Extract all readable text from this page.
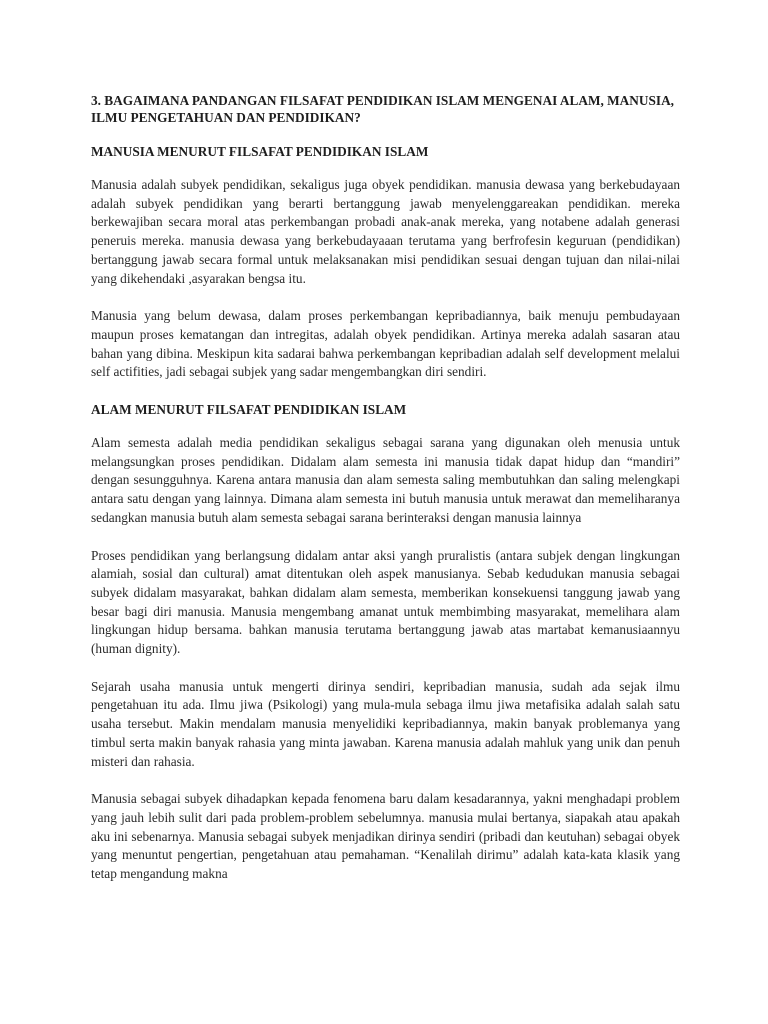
3. BAGAIMANA PANDANGAN FILSAFAT PENDIDIKAN ISLAM MENGENAI ALAM, MANUSIA, ILMU PENGETAHUAN DAN PENDIDIKAN?
MANUSIA MENURUT FILSAFAT PENDIDIKAN ISLAM

Manusia adalah subyek pendidikan, sekaligus juga obyek pendidikan. manusia dewasa yang berkebudayaan adalah subyek pendidikan yang berarti bertanggung jawab menyelenggareakan pendidikan. mereka berkewajiban secara moral atas perkembangan probadi anak-anak mereka, yang notabene adalah generasi peneruis mereka. manusia dewasa yang berkebudayaaan terutama yang berfrofesin keguruan (pendidikan) bertanggung jawab secara formal untuk melaksanakan misi pendidikan sesuai dengan tujuan dan nilai-nilai yang dikehendaki ,asyarakan bengsa itu.

Manusia yang belum dewasa, dalam proses perkembangan kepribadiannya, baik menuju pembudayaan maupun proses kematangan dan intregitas, adalah obyek pendidikan. Artinya mereka adalah sasaran atau bahan yang dibina. Meskipun kita sadarai bahwa perkembangan kepribadian adalah self development melalui self actifities, jadi sebagai subjek yang sadar mengembangkan diri sendiri.

ALAM MENURUT FILSAFAT PENDIDIKAN ISLAM

Alam semesta adalah media pendidikan sekaligus sebagai sarana yang digunakan oleh menusia untuk melangsungkan proses pendidikan. Didalam alam semesta ini manusia tidak dapat hidup dan “mandiri” dengan sesungguhnya. Karena antara manusia dan alam semesta saling membutuhkan dan saling melengkapi antara satu dengan yang lainnya. Dimana alam semesta ini butuh manusia untuk merawat dan memeliharanya sedangkan manusia butuh alam semesta sebagai sarana berinteraksi dengan manusia lainnya

Proses pendidikan yang berlangsung didalam antar aksi yangh pruralistis (antara subjek dengan lingkungan alamiah, sosial dan cultural) amat ditentukan oleh aspek manusianya. Sebab kedudukan manusia sebagai subyek didalam masyarakat, bahkan didalam alam semesta, memberikan konsekuensi tanggung jawab yang besar bagi diri manusia. Manusia mengembang amanat untuk membimbing masyarakat, memelihara alam lingkungan hidup bersama. bahkan manusia terutama bertanggung jawab atas martabat kemanusiaannyu (human dignity).

Sejarah usaha manusia untuk mengerti dirinya sendiri, kepribadian manusia, sudah ada sejak ilmu pengetahuan itu ada. Ilmu jiwa (Psikologi) yang mula-mula sebaga ilmu jiwa metafisika adalah salah satu usaha tersebut. Makin mendalam manusia menyelidiki kepribadiannya, makin banyak problemanya yang timbul serta makin banyak rahasia yang minta jawaban. Karena manusia adalah mahluk yang unik dan penuh misteri dan rahasia.

Manusia sebagai subyek dihadapkan kepada fenomena baru dalam kesadarannya, yakni menghadapi problem yang jauh lebih sulit dari pada problem-problem sebelumnya. manusia mulai bertanya, siapakah atau apakah aku ini sebenarnya. Manusia sebagai subyek menjadikan dirinya sendiri (pribadi dan keutuhan) sebagai obyek yang menuntut pengertian, pengetahuan atau pemahaman. “Kenalilah dirimu” adalah kata-kata klasik yang tetap mengandung makna
